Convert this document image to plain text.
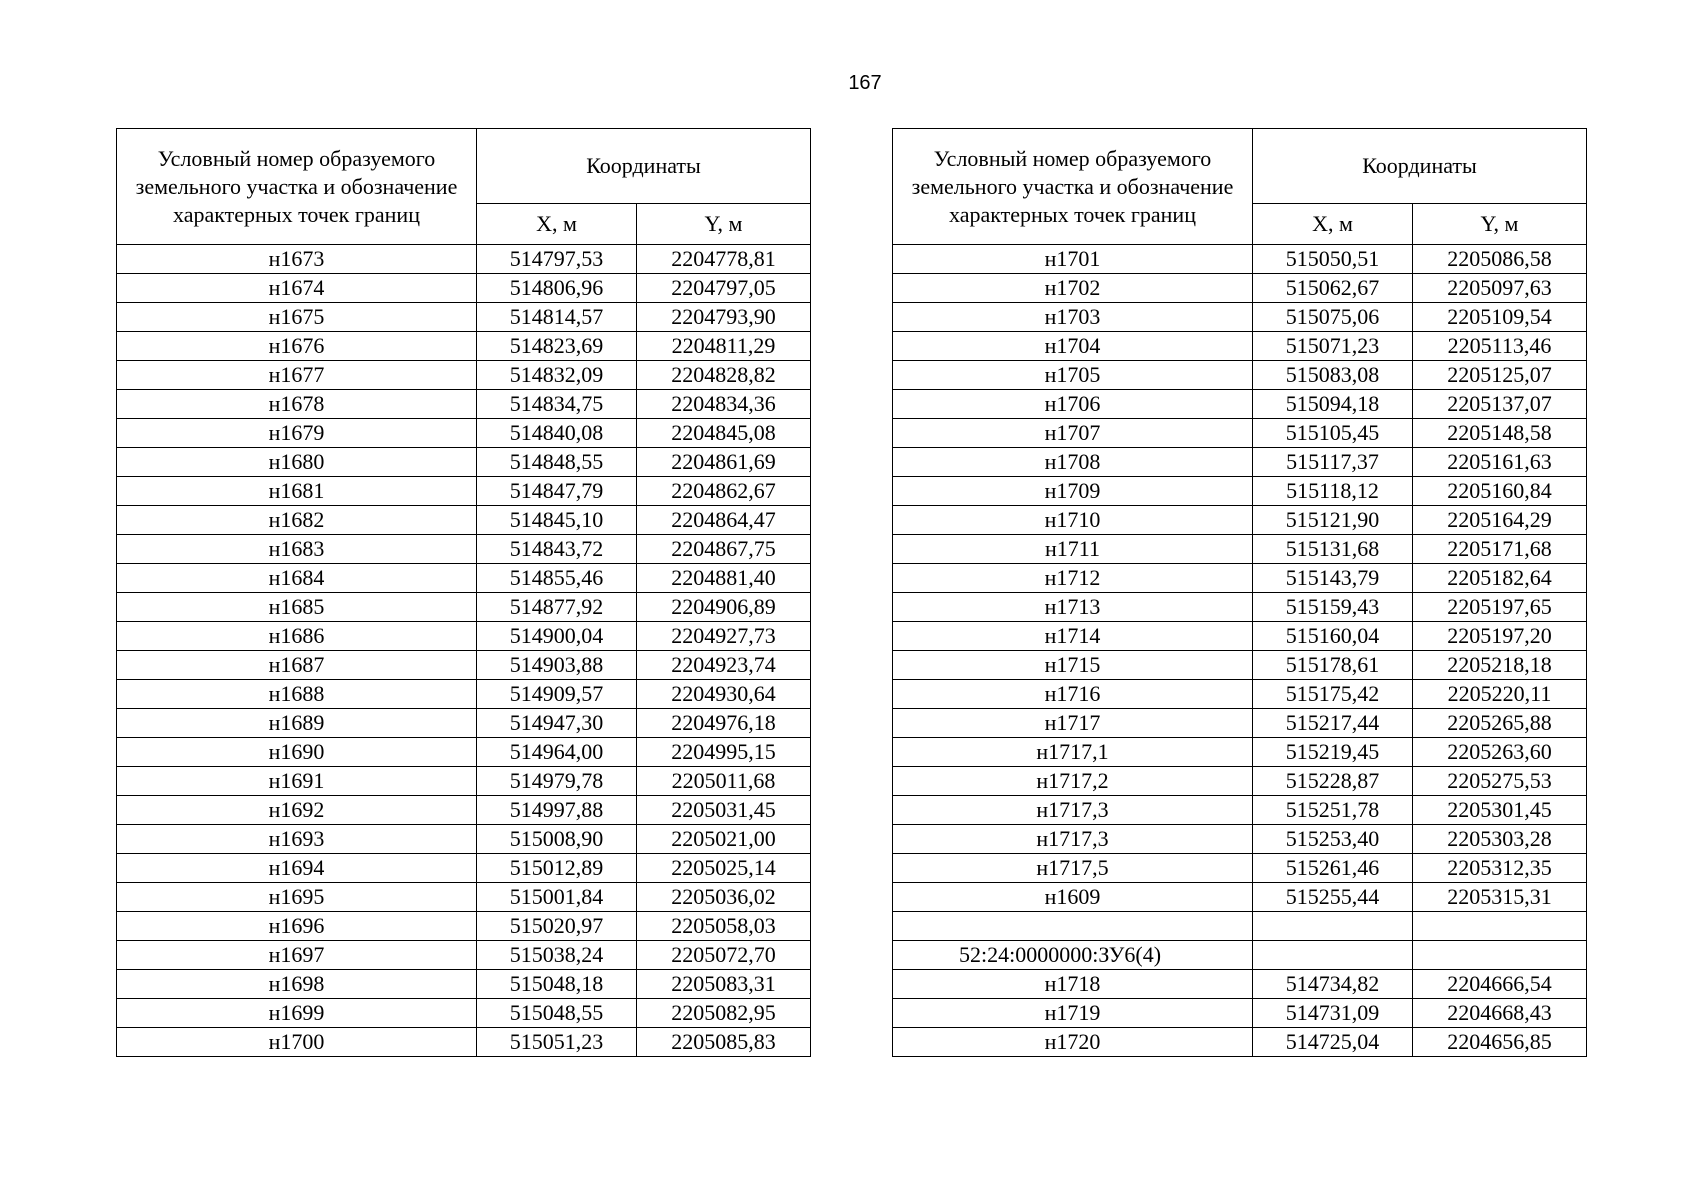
167
Условный номер образуемого земельного участка и обозначение характерных точек границ	Координаты	
	X, м	Y, м
н1673	514797,53	2204778,81
н1674	514806,96	2204797,05
н1675	514814,57	2204793,90
н1676	514823,69	2204811,29
н1677	514832,09	2204828,82
н1678	514834,75	2204834,36
н1679	514840,08	2204845,08
н1680	514848,55	2204861,69
н1681	514847,79	2204862,67
н1682	514845,10	2204864,47
н1683	514843,72	2204867,75
н1684	514855,46	2204881,40
н1685	514877,92	2204906,89
н1686	514900,04	2204927,73
н1687	514903,88	2204923,74
н1688	514909,57	2204930,64
н1689	514947,30	2204976,18
н1690	514964,00	2204995,15
н1691	514979,78	2205011,68
н1692	514997,88	2205031,45
н1693	515008,90	2205021,00
н1694	515012,89	2205025,14
н1695	515001,84	2205036,02
н1696	515020,97	2205058,03
н1697	515038,24	2205072,70
н1698	515048,18	2205083,31
н1699	515048,55	2205082,95
н1700	515051,23	2205085,83
Условный номер образуемого земельного участка и обозначение характерных точек границ	Координаты	
	X, м	Y, м
н1701	515050,51	2205086,58
н1702	515062,67	2205097,63
н1703	515075,06	2205109,54
н1704	515071,23	2205113,46
н1705	515083,08	2205125,07
н1706	515094,18	2205137,07
н1707	515105,45	2205148,58
н1708	515117,37	2205161,63
н1709	515118,12	2205160,84
н1710	515121,90	2205164,29
н1711	515131,68	2205171,68
н1712	515143,79	2205182,64
н1713	515159,43	2205197,65
н1714	515160,04	2205197,20
н1715	515178,61	2205218,18
н1716	515175,42	2205220,11
н1717	515217,44	2205265,88
н1717,1	515219,45	2205263,60
н1717,2	515228,87	2205275,53
н1717,3	515251,78	2205301,45
н1717,3	515253,40	2205303,28
н1717,5	515261,46	2205312,35
н1609	515255,44	2205315,31

52:24:0000000:ЗУ6(4)		
н1718	514734,82	2204666,54
н1719	514731,09	2204668,43
н1720	514725,04	2204656,85
